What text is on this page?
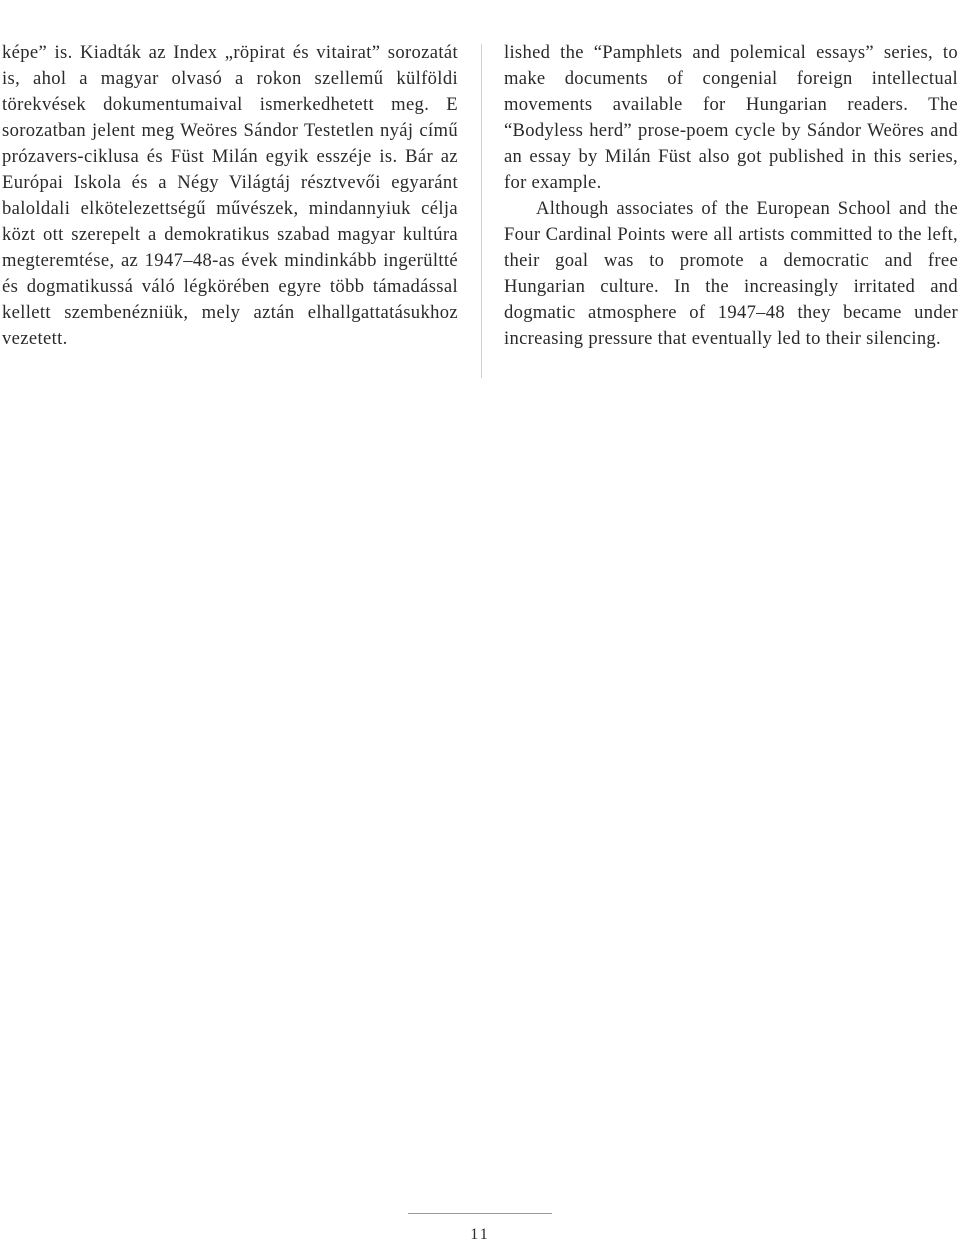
képe” is. Kiadták az Index „röpirat és vitairat” sorozatát is, ahol a magyar olvasó a rokon szellemű külföldi törekvések dokumentumaival ismerkedhetett meg. E sorozatban jelent meg Weöres Sándor Testetlen nyáj című prózavers-ciklusa és Füst Milán egyik esszéje is. Bár az Európai Iskola és a Négy Világtáj résztvevői egyaránt baloldali elkötelezettségű művészek, mindannyiuk célja közt ott szerepelt a demokratikus szabad magyar kultúra megteremtése, az 1947–48-as évek mindinkább ingerültté és dogmatikussá váló légkörében egyre több támadással kellett szembenézniük, mely aztán elhallgattatásukhoz vezetett.

lished the “Pamphlets and polemical essays” series, to make documents of congenial foreign intellectual movements available for Hungarian readers. The “Bodyless herd” prose-poem cycle by Sándor Weöres and an essay by Milán Füst also got published in this series, for example.

Although associates of the European School and the Four Cardinal Points were all artists committed to the left, their goal was to promote a democratic and free Hungarian culture. In the increasingly irritated and dogmatic atmosphere of 1947–48 they became under increasing pressure that eventually led to their silencing.

11
